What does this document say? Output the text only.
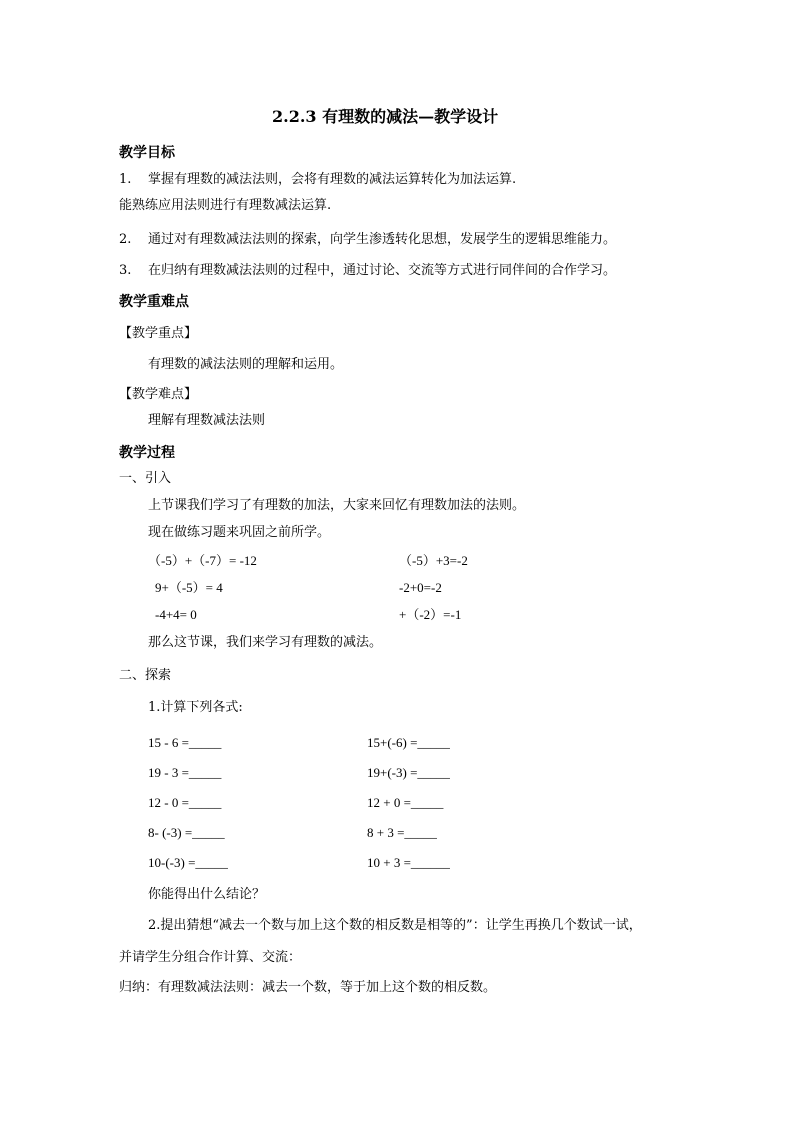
2.2.3 有理数的减法—教学设计
教学目标
1. 掌握有理数的减法法则，会将有理数的减法运算转化为加法运算.
能熟练应用法则进行有理数减法运算.
2. 通过对有理数减法法则的探索，向学生渗透转化思想，发展学生的逻辑思维能力。
3. 在归纳有理数减法法则的过程中，通过讨论、交流等方式进行同伴间的合作学习。
教学重难点
【教学重点】
有理数的减法法则的理解和运用。
【教学难点】
理解有理数减法法则
教学过程
一、引入
上节课我们学习了有理数的加法，大家来回忆有理数加法的法则。
现在做练习题来巩固之前所学。
（-5）+（-7）= -12
9+（-5）= 4
-4+4= 0
（-5）+3=-2
-2+0=-2
+（-2）=-1
那么这节课，我们来学习有理数的减法。
二、探索
1.计算下列各式:
15 - 6 =_____
19 - 3 =_____
12 - 0 =_____
8- (-3) =_____
10-(-3) =_____
15+(-6) =_____
19+(-3) =_____
12 + 0 =_____
8 + 3 =_____
10 + 3 =______
你能得出什么结论？
2.提出猜想“减去一个数与加上这个数的相反数是相等的”：让学生再换几个数试一试，
并请学生分组合作计算、交流：
归纳：有理数减法法则：减去一个数，等于加上这个数的相反数。
